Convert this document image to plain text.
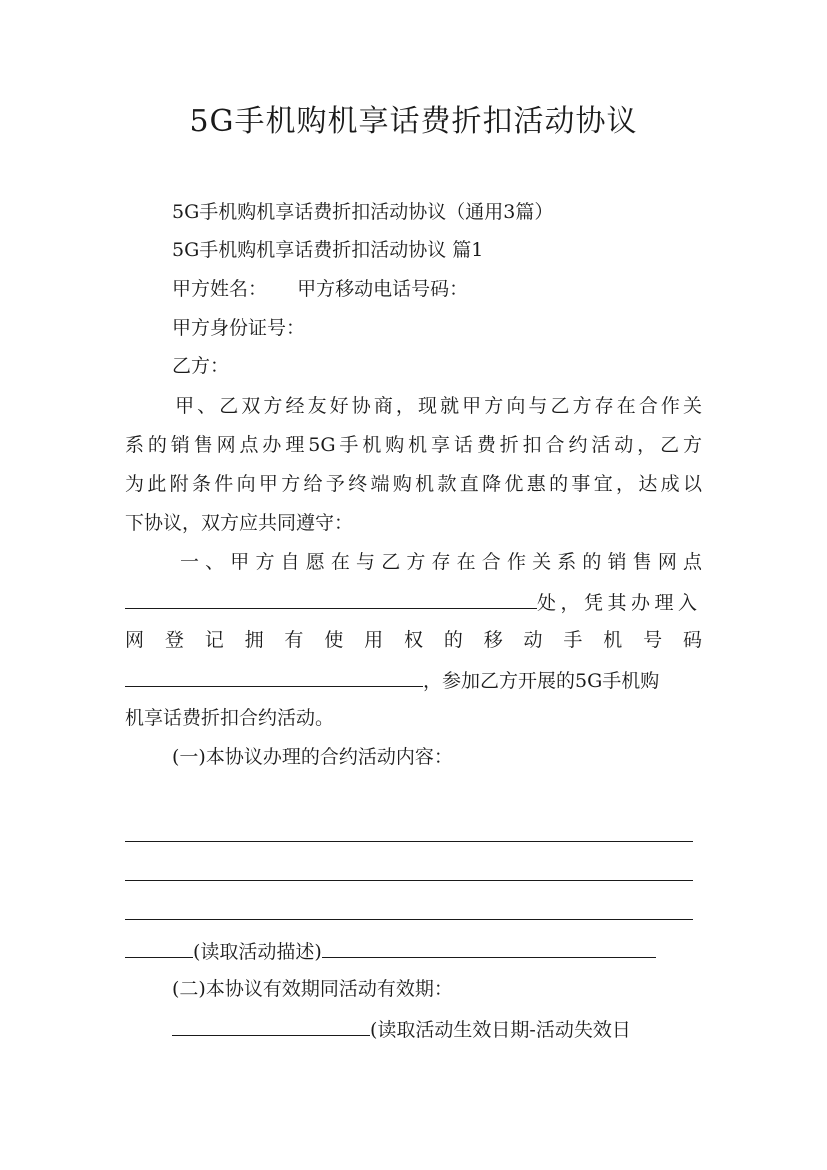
5G手机购机享话费折扣活动协议
5G手机购机享话费折扣活动协议（通用3篇）
5G手机购机享话费折扣活动协议 篇1
甲方姓名： 甲方移动电话号码：
甲方身份证号：
乙方：
甲、乙双方经友好协商，现就甲方向与乙方存在合作关
系的销售网点办理5G手机购机享话费折扣合约活动，乙方
为此附条件向甲方给予终端购机款直降优惠的事宜，达成以
下协议，双方应共同遵守：
一、甲方自愿在与乙方存在合作关系的销售网点
处，凭其办理入
网登记拥有使用权的移动手机号码
，参加乙方开展的5G手机购
机享话费折扣合约活动。
(一)本协议办理的合约活动内容：
(读取活动描述)
(二)本协议有效期同活动有效期：
(读取活动生效日期-活动失效日
